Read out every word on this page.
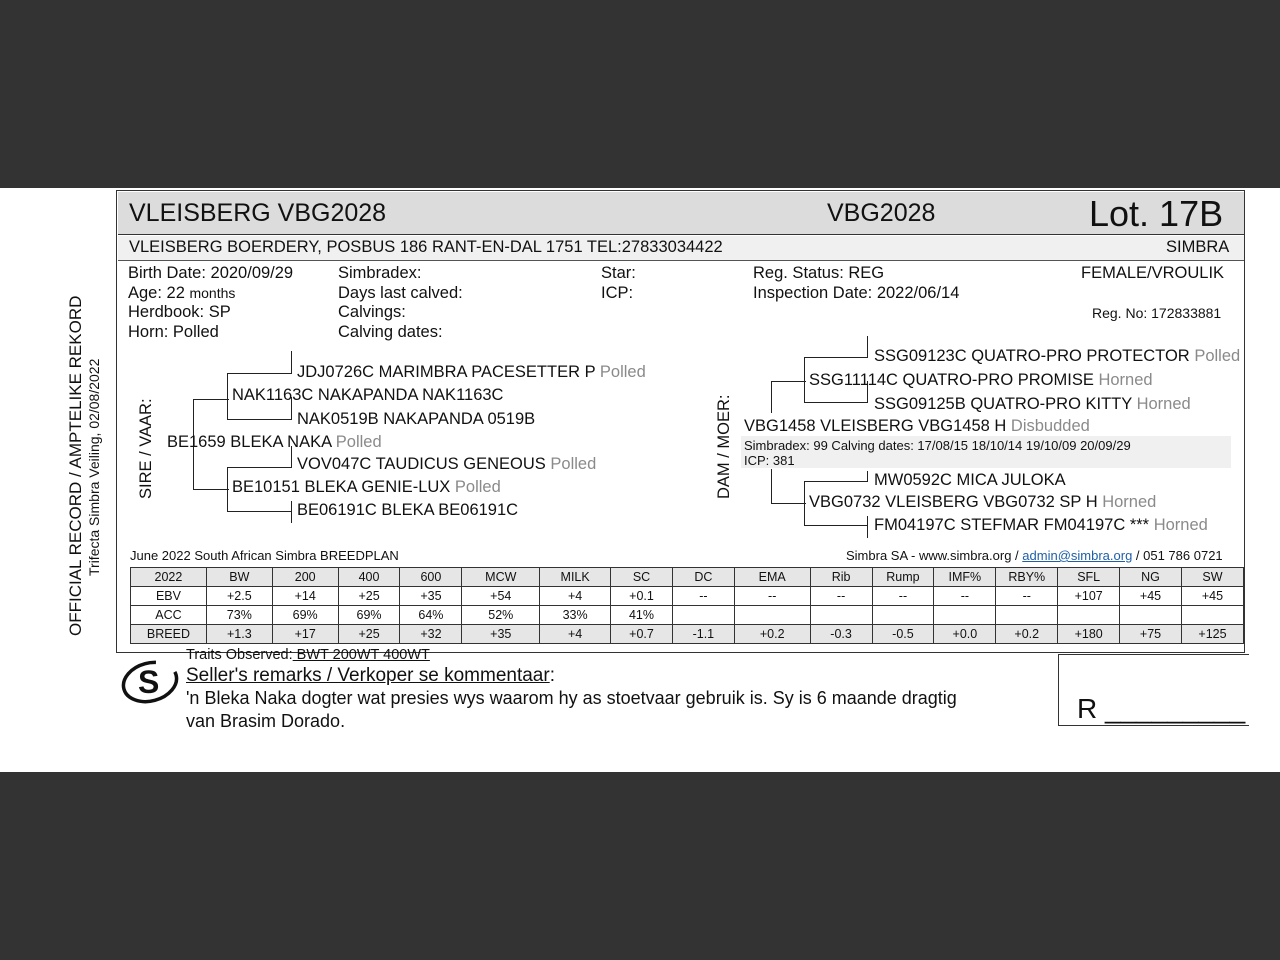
OFFICIAL RECORD / AMPTELIKE REKORD Trifecta Simbra Veiling, 02/08/2022
VLEISBERG VBG2028	VBG2028	Lot. 17B
VLEISBERG BOERDERY, POSBUS 186 RANT-EN-DAL 1751 TEL:27833034422	SIMBRA
Birth Date: 2020/09/29
Age: 22 months
Herdbook: SP
Horn: Polled
Simbradex:
Days last calved:
Calvings:
Calving dates:
Star:
ICP:
Reg. Status: REG
Inspection Date: 2022/06/14
FEMALE/VROULIK
Reg. No: 172833881
SIRE / VAAR:
JDJ0726C MARIMBRA PACESETTER P Polled
NAK1163C NAKAPANDA NAK1163C
NAK0519B NAKAPANDA 0519B
BE1659 BLEKA NAKA Polled
VOV047C TAUDICUS GENEOUS Polled
BE10151 BLEKA GENIE-LUX Polled
BE06191C BLEKA BE06191C
DAM / MOER:
SSG09123C QUATRO-PRO PROTECTOR Polled
SSG11114C QUATRO-PRO PROMISE Horned
SSG09125B QUATRO-PRO KITTY Horned
VBG1458 VLEISBERG VBG1458 H Disbudded
Simbradex: 99 Calving dates: 17/08/15 18/10/14 19/10/09 20/09/29
ICP: 381
MW0592C MICA JULOKA
VBG0732 VLEISBERG VBG0732 SP H Horned
FM04197C STEFMAR FM04197C *** Horned
June 2022 South African Simbra BREEDPLAN	Simbra SA - www.simbra.org / admin@simbra.org / 051 786 0721
2022	BW	200	400	600	MCW	MILK	SC	DC	EMA	Rib	Rump	IMF%	RBY%	SFL	NG	SW
EBV	+2.5	+14	+25	+35	+54	+4	+0.1	--	--	--	--	--	--	+107	+45	+45
ACC	73%	69%	69%	64%	52%	33%	41%									
BREED	+1.3	+17	+25	+32	+35	+4	+0.7	-1.1	+0.2	-0.3	-0.5	+0.0	+0.2	+180	+75	+125
S
Traits Observed: BWT 200WT 400WT
Seller's remarks / Verkoper se kommentaar:
'n Bleka Naka dogter wat presies wys waarom hy as stoetvaar gebruik is. Sy is 6 maande dragtig
van Brasim Dorado.	R _________
